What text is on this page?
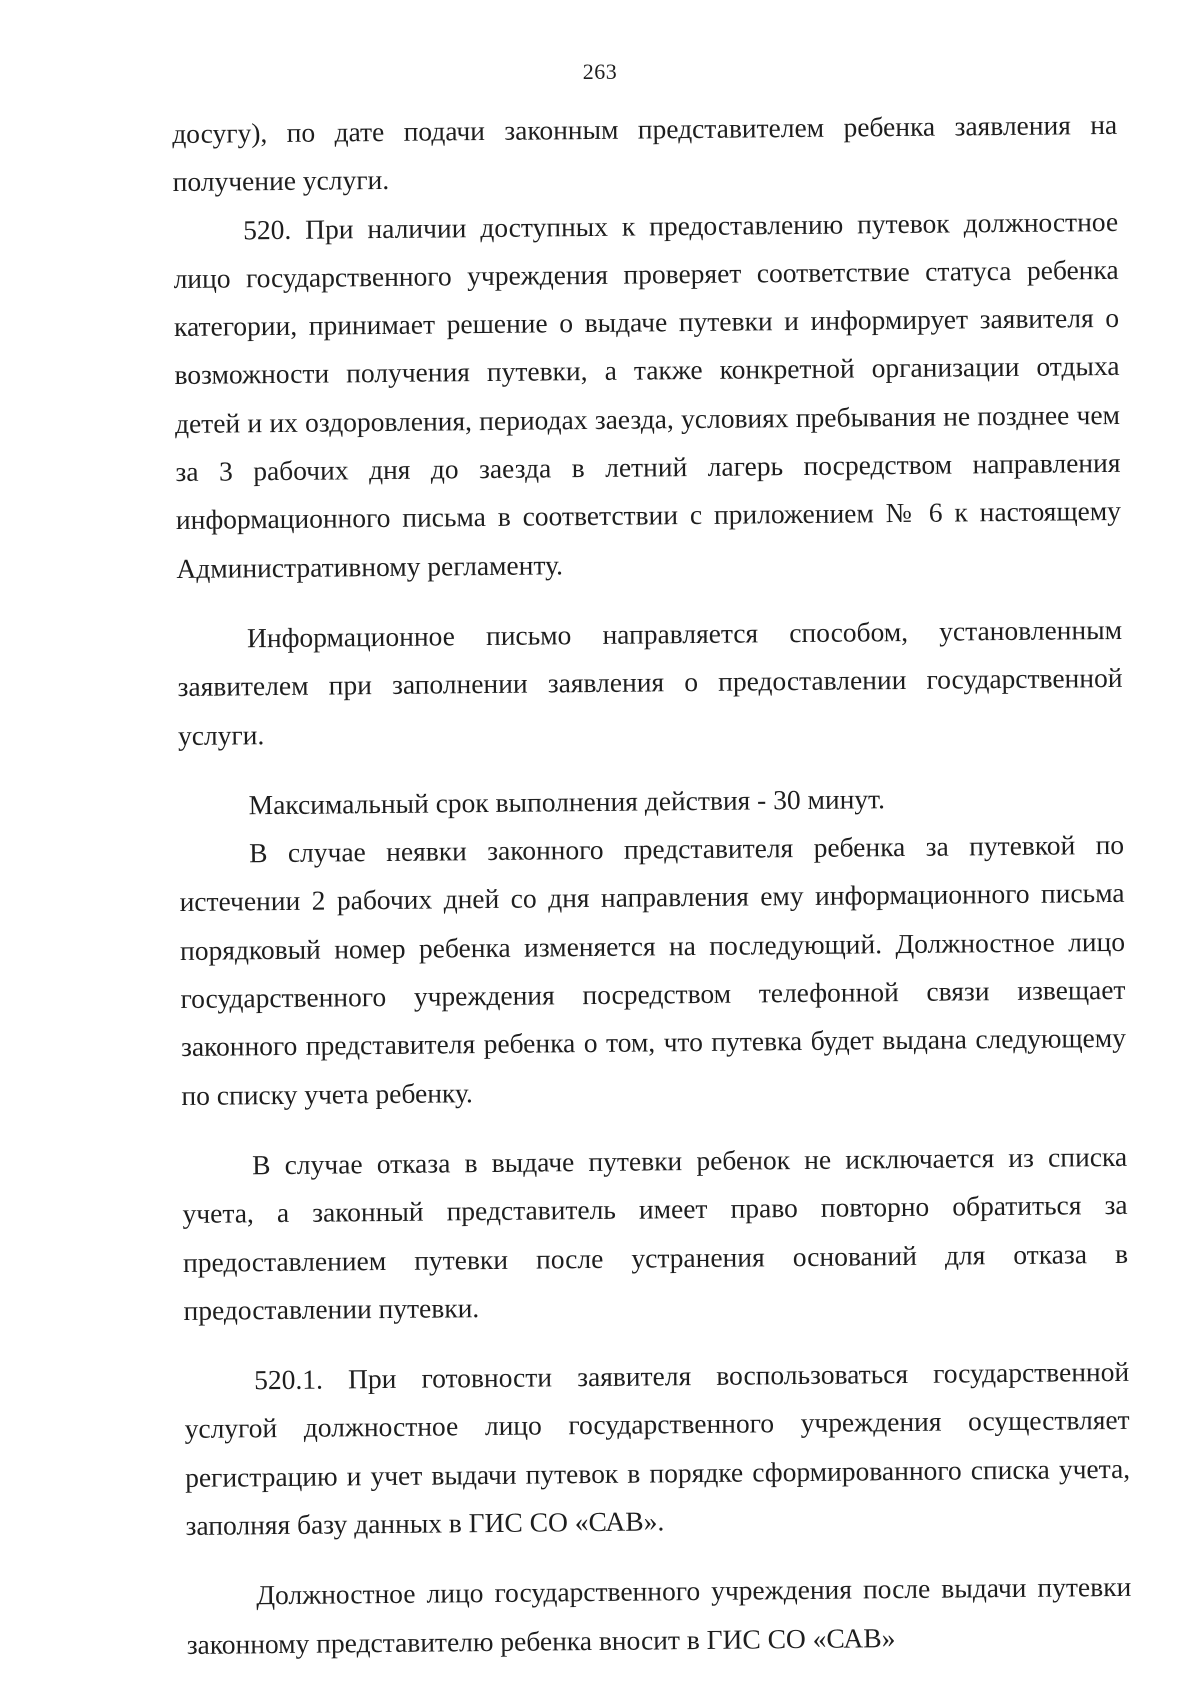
263

досугу), по дате подачи законным представителем ребенка заявления на получение услуги.

520. При наличии доступных к предоставлению путевок должностное лицо государственного учреждения проверяет соответствие статуса ребенка категории, принимает решение о выдаче путевки и информирует заявителя о возможности получения путевки, а также конкретной организации отдыха детей и их оздоровления, периодах заезда, условиях пребывания не позднее чем за 3 рабочих дня до заезда в летний лагерь посредством направления информационного письма в соответствии с приложением № 6 к настоящему Административному регламенту.

Информационное письмо направляется способом, установленным заявителем при заполнении заявления о предоставлении государственной услуги.

Максимальный срок выполнения действия - 30 минут.

В случае неявки законного представителя ребенка за путевкой по истечении 2 рабочих дней со дня направления ему информационного письма порядковый номер ребенка изменяется на последующий. Должностное лицо государственного учреждения посредством телефонной связи извещает законного представителя ребенка о том, что путевка будет выдана следующему по списку учета ребенку.

В случае отказа в выдаче путевки ребенок не исключается из списка учета, а законный представитель имеет право повторно обратиться за предоставлением путевки после устранения оснований для отказа в предоставлении путевки.

520.1. При готовности заявителя воспользоваться государственной услугой должностное лицо государственного учреждения осуществляет регистрацию и учет выдачи путевок в порядке сформированного списка учета, заполняя базу данных в ГИС СО «САВ».

Должностное лицо государственного учреждения после выдачи путевки законному представителю ребенка вносит в ГИС СО «САВ»
